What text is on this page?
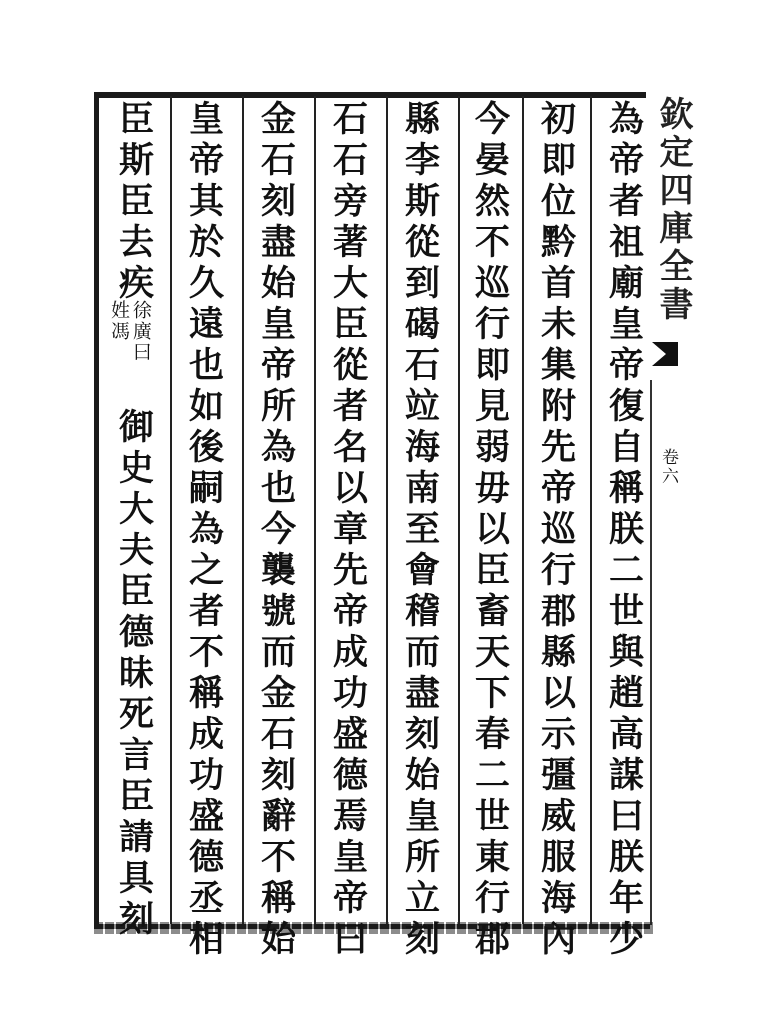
欽定四庫全書
卷六
為帝者祖廟皇帝復自稱朕二世與趙高謀曰朕年少
初即位黔首未集附先帝巡行郡縣以示彊威服海內
今晏然不巡行即見弱毋以臣畜天下春二世東行郡
縣李斯從到碣石竝海南至會稽而盡刻始皇所立刻
石石旁著大臣從者名以章先帝成功盛德焉皇帝曰
金石刻盡始皇帝所為也今襲號而金石刻辭不稱始
皇帝其於久遠也如後嗣為之者不稱成功盛德丞相
臣斯臣去疾
徐廣曰
姓馮
御史大夫臣德昧死言臣請具刻
